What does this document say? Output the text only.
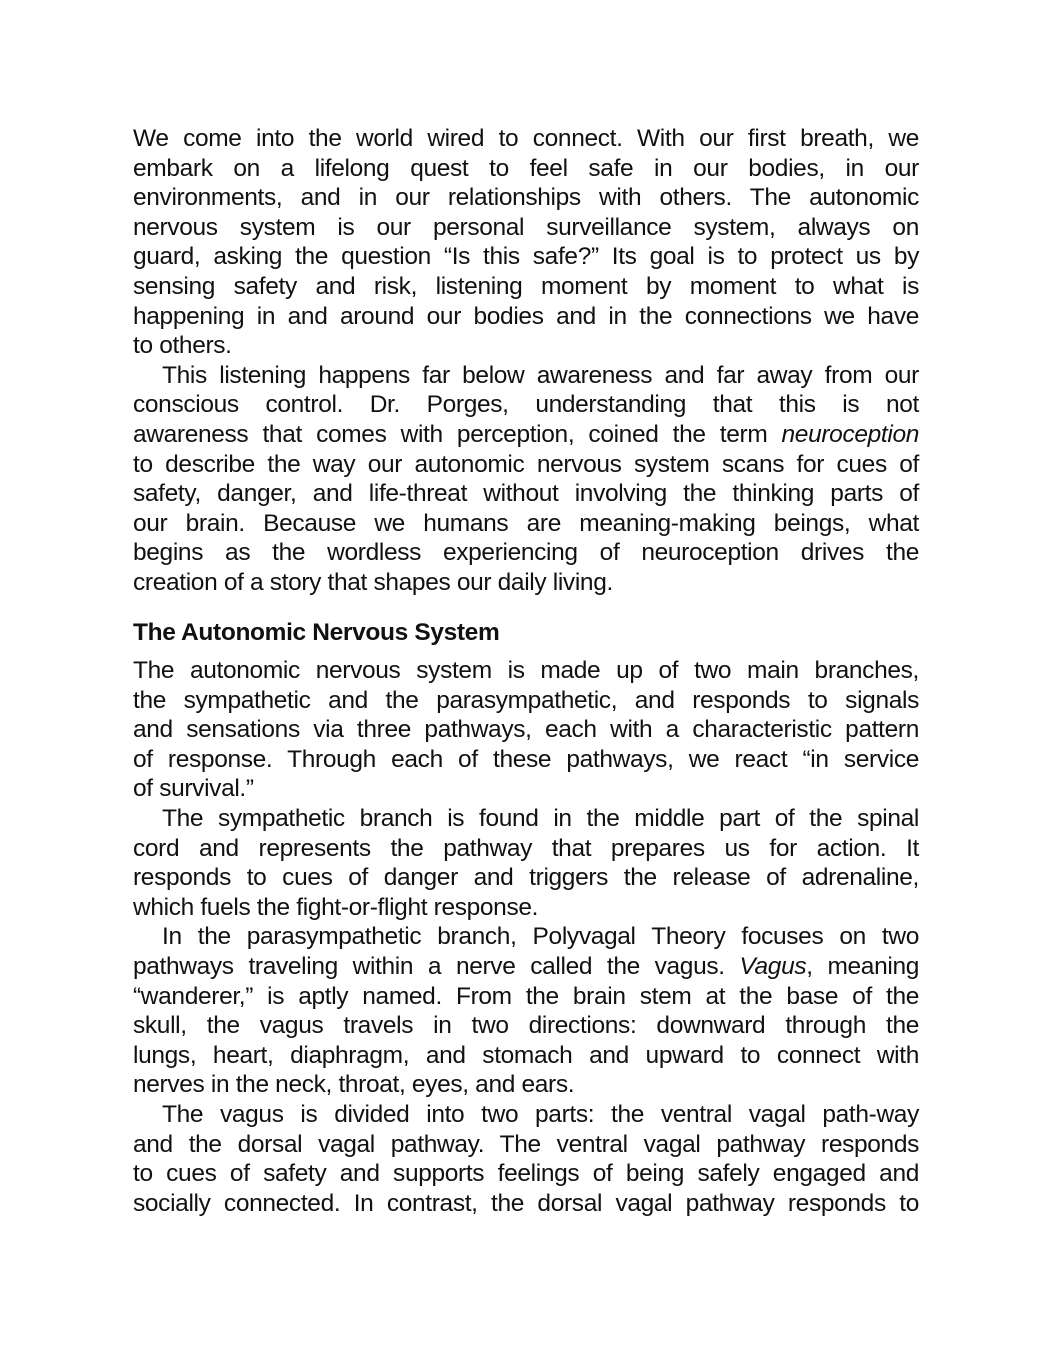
We come into the world wired to connect. With our first breath, we
embark on a lifelong quest to feel safe in our bodies, in our
environments, and in our relationships with others. The autonomic
nervous system is our personal surveillance system, always on
guard, asking the question “Is this safe?” Its goal is to protect us by
sensing safety and risk, listening moment by moment to what is
happening in and around our bodies and in the connections we have
to others.
This listening happens far below awareness and far away from our
conscious control. Dr. Porges, understanding that this is not
awareness that comes with perception, coined the term neuroception
to describe the way our autonomic nervous system scans for cues of
safety, danger, and life-threat without involving the thinking parts of
our brain. Because we humans are meaning-making beings, what
begins as the wordless experiencing of neuroception drives the
creation of a story that shapes our daily living.
The Autonomic Nervous System
The autonomic nervous system is made up of two main branches,
the sympathetic and the parasympathetic, and responds to signals
and sensations via three pathways, each with a characteristic pattern
of response. Through each of these pathways, we react “in service
of survival.”
The sympathetic branch is found in the middle part of the spinal
cord and represents the pathway that prepares us for action. It
responds to cues of danger and triggers the release of adrenaline,
which fuels the fight-or-flight response.
In the parasympathetic branch, Polyvagal Theory focuses on two
pathways traveling within a nerve called the vagus. Vagus, meaning
“wanderer,” is aptly named. From the brain stem at the base of the
skull, the vagus travels in two directions: downward through the
lungs, heart, diaphragm, and stomach and upward to connect with
nerves in the neck, throat, eyes, and ears.
The vagus is divided into two parts: the ventral vagal path-way
and the dorsal vagal pathway. The ventral vagal pathway responds
to cues of safety and supports feelings of being safely engaged and
socially connected. In contrast, the dorsal vagal pathway responds to
